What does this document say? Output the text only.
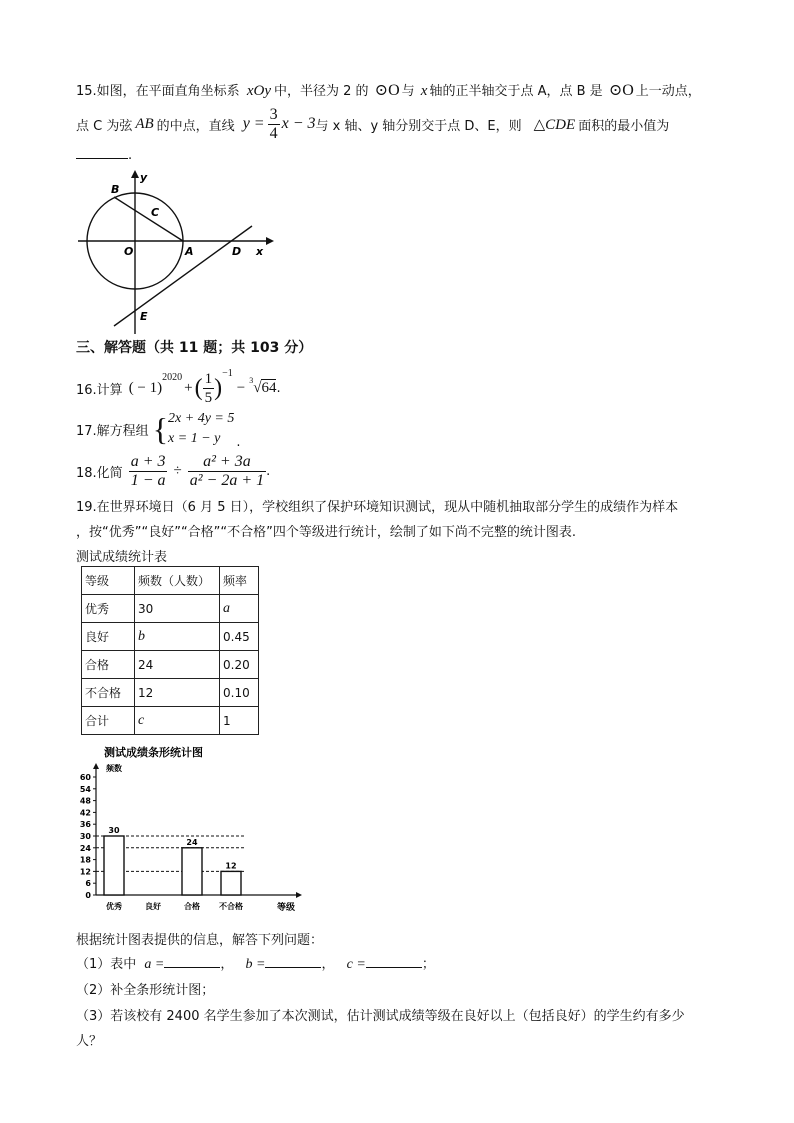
15.如图，在平面直角坐标系 xOy 中，半径为 2 的 ⊙O 与 x 轴的正半轴交于点 A，点 B 是 ⊙O 上一动点，
点 C 为弦 AB 的中点，直线 $y = \frac{3}{4}$ x − 3 与 x 轴、y 轴分别交于点 D、E，则 △CDE 面积的最小值为
.
B
C
O	A	D
E
x
y
三、解答题（共 11 题；共 103 分）
16.计算 ( − 1)
$^{2020}$
+ ( $\frac{1}{5}$ )
$^{-1}$
− $^3$ √ 64 .
17.解方程组 { 2x + 4y = 5
x = 1 − y	.
18.化简 $\frac{a + 3}{1 - a} \div \frac{\text{a² + 3a}}{\text{a² − 2a + 1}}$ .
19.在世界环境日（6 月 5 日），学校组织了保护环境知识测试，现从中随机抽取部分学生的成绩作为样本
，按“优秀”“良好”“合格”“不合格”四个等级进行统计，绘制了如下尚不完整的统计图表.
测试成绩统计表
等级	频数（人数）	频率
优秀	30	a
良好	b	0.45
合格	24	0.20
不合格	12	0.10
合计	c	1
测试成绩条形统计图
频数
等级
0
6
12
18
24
30
36
42
48
54
60
优秀
30
良好	合格
24
不合格
12
根据统计图表提供的信息，解答下列问题：
（1）表中 a =	， b =	， c =	；
（2）补全条形统计图；
（3）若该校有 2400 名学生参加了本次测试，估计测试成绩等级在良好以上（包括良好）的学生约有多少
人？
